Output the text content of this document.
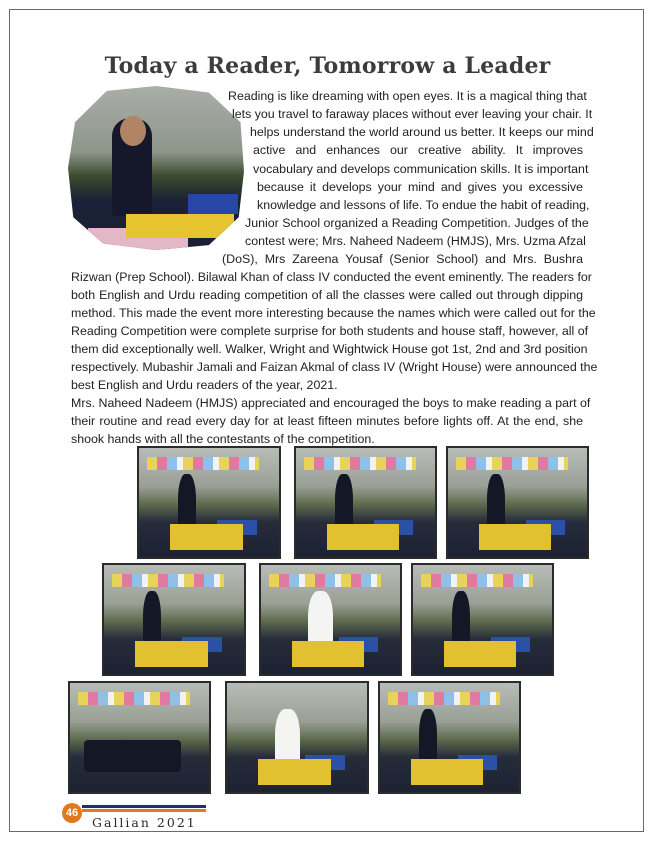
Today a Reader, Tomorrow a Leader
Reading is like dreaming with open eyes. It is a magical thing that
lets you travel to faraway places without ever leaving your chair. It
helps understand the world around us better. It keeps our mind
active and enhances our creative ability. It improves
vocabulary and develops communication skills. It is important
because it develops your mind and gives you excessive
knowledge and lessons of life. To endue the habit of reading,
Junior School organized a Reading Competition. Judges of the
contest were; Mrs. Naheed Nadeem (HMJS), Mrs. Uzma Afzal
(DoS), Mrs Zareena Yousaf (Senior School) and Mrs. Bushra
Rizwan (Prep School). Bilawal Khan of class IV conducted the event eminently. The readers for
both English and Urdu reading competition of all the classes were called out through dipping
method. This made the event more interesting because the names which were called out for the
Reading Competition were complete surprise for both students and house staff, however, all of
them did exceptionally well. Walker, Wright and Wightwick House got 1st, 2nd and 3rd position
respectively. Mubashir Jamali and Faizan Akmal of class IV (Wright House) were announced the
best English and Urdu readers of the year, 2021.
Mrs. Naheed Nadeem (HMJS) appreciated and encouraged the boys to make reading a part of
their routine and read every day for at least fifteen minutes before lights off. At the end, she
shook hands with all the contestants of the competition.
46
Gallian 2021
